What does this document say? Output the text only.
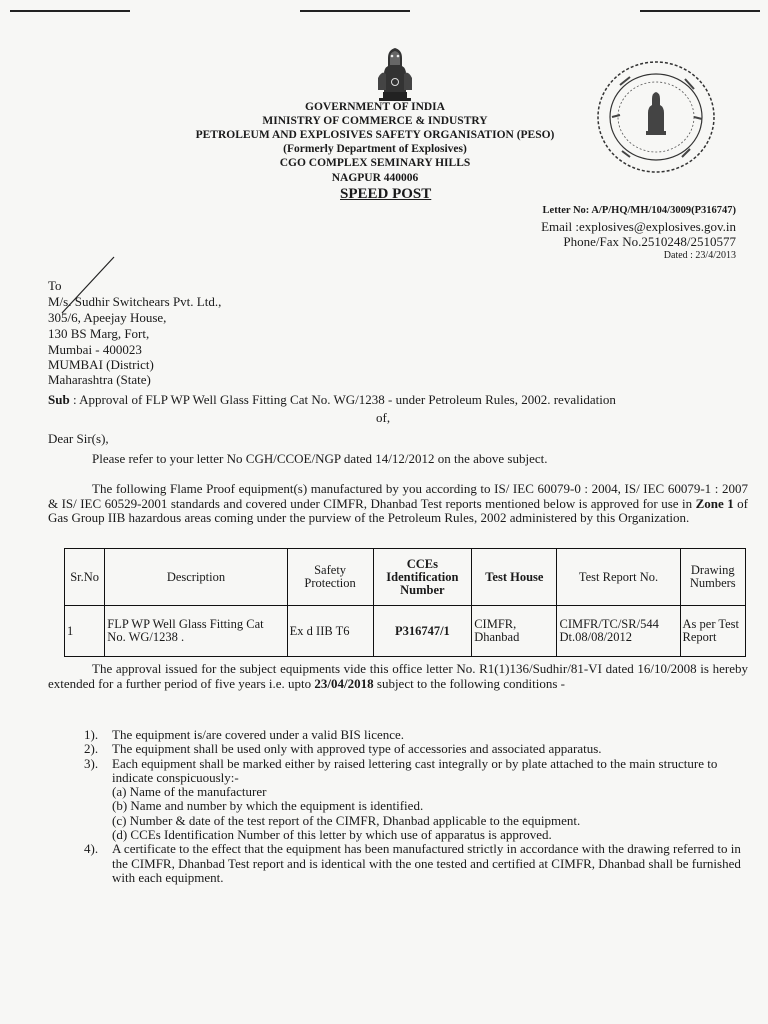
GOVERNMENT OF INDIA
MINISTRY OF COMMERCE & INDUSTRY
PETROLEUM AND EXPLOSIVES SAFETY ORGANISATION (PESO)
(Formerly Department of Explosives)
CGO COMPLEX SEMINARY HILLS
NAGPUR 440006
SPEED POST
Letter No: A/P/HQ/MH/104/3009(P316747)
Email :explosives@explosives.gov.in
Phone/Fax No.2510248/2510577
Dated : 23/4/2013
To
M/s. Sudhir Switchears Pvt. Ltd.,
305/6, Apeejay House,
130 BS Marg, Fort,
Mumbai - 400023
MUMBAI (District)
Maharashtra (State)
Sub : Approval of FLP WP Well Glass Fitting Cat No. WG/1238 - under Petroleum Rules, 2002. revalidation
of,
Dear Sir(s),
Please refer to your letter No CGH/CCOE/NGP dated 14/12/2012 on the above subject.
The following Flame Proof equipment(s) manufactured by you according to IS/ IEC 60079-0 : 2004, IS/ IEC 60079-1 : 2007 & IS/ IEC 60529-2001 standards and covered under CIMFR, Dhanbad Test reports mentioned below is approved for use in Zone 1 of Gas Group IIB hazardous areas coming under the purview of the Petroleum Rules, 2002 administered by this Organization.
Sr.No	Description	Safety Protection	CCEs Identification Number	Test House	Test Report No.	Drawing Numbers
1	FLP WP Well Glass Fitting Cat No. WG/1238 .	Ex d IIB T6	P316747/1	CIMFR, Dhanbad	CIMFR/TC/SR/544 Dt.08/08/2012	As per Test Report
The approval issued for the subject equipments vide this office letter No. R1(1)136/Sudhir/81-VI dated 16/10/2008 is hereby extended for a further period of five years i.e. upto 23/04/2018 subject to the following conditions -
1). The equipment is/are covered under a valid BIS licence.
2). The equipment shall be used only with approved type of accessories and associated apparatus.
3). Each equipment shall be marked either by raised lettering cast integrally or by plate attached to the main structure to indicate conspicuously:-
(a) Name of the manufacturer
(b) Name and number by which the equipment is identified.
(c) Number & date of the test report of the CIMFR, Dhanbad applicable to the equipment.
(d) CCEs Identification Number of this letter by which use of apparatus is approved.
4). A certificate to the effect that the equipment has been manufactured strictly in accordance with the drawing referred to in the CIMFR, Dhanbad Test report and is identical with the one tested and certified at CIMFR, Dhanbad shall be furnished with each equipment.
